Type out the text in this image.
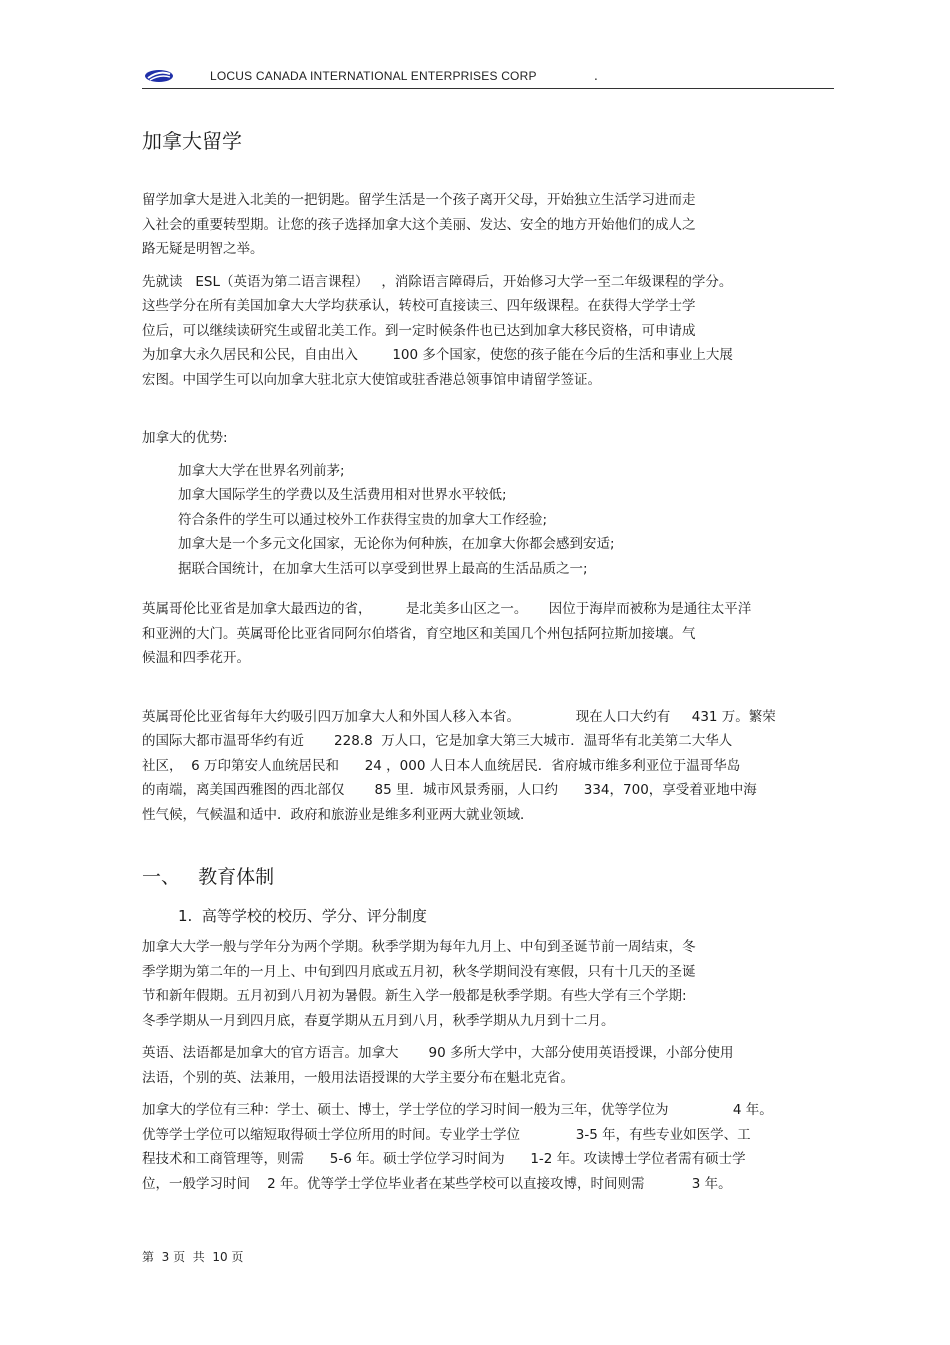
LOCUS CANADA INTERNATIONAL ENTERPRISES CORP	.
加拿大留学

留学加拿大是进入北美的一把钥匙。留学生活是一个孩子离开父母，开始独立生活学习进而走

入社会的重要转型期。让您的孩子选择加拿大这个美丽、发达、安全的地方开始他们的成人之

路无疑是明智之举。

先就读   ESL（英语为第二语言课程）   ，消除语言障碍后，开始修习大学一至二年级课程的学分。

这些学分在所有美国加拿大大学均获承认，转校可直接读三、四年级课程。在获得大学学士学

位后，可以继续读研究生或留北美工作。到一定时候条件也已达到加拿大移民资格，可申请成

为加拿大永久居民和公民，自由出入        100 多个国家，使您的孩子能在今后的生活和事业上大展

宏图。中国学生可以向加拿大驻北京大使馆或驻香港总领事馆申请留学签证。

加拿大的优势:

加拿大大学在世界名列前茅;

加拿大国际学生的学费以及生活费用相对世界水平较低;

符合条件的学生可以通过校外工作获得宝贵的加拿大工作经验;

加拿大是一个多元文化国家，无论你为何种族，在加拿大你都会感到安适;

据联合国统计，在加拿大生活可以享受到世界上最高的生活品质之一;

英属哥伦比亚省是加拿大最西边的省，        是北美多山区之一。     因位于海岸而被称为是通往太平洋

和亚洲的大门。英属哥伦比亚省同阿尔伯塔省，育空地区和美国几个州包括阿拉斯加接壤。气

候温和四季花开。

英属哥伦比亚省每年大约吸引四万加拿大人和外国人移入本省。             现在人口大约有     431 万。繁荣

的国际大都市温哥华约有近       228.8  万人口，它是加拿大第三大城市．温哥华有北美第二大华人

社区，  6 万印第安人血统居民和      24 ，000 人日本人血统居民．省府城市维多利亚位于温哥华岛

的南端，离美国西雅图的西北部仅       85 里．城市风景秀丽，人口约      334，700，享受着亚地中海

性气候，气候温和适中．政府和旅游业是维多利亚两大就业领域．

一、   教育体制
1.  高等学校的校历、学分、评分制度

加拿大大学一般与学年分为两个学期。秋季学期为每年九月上、中旬到圣诞节前一周结束，冬

季学期为第二年的一月上、中旬到四月底或五月初，秋冬学期间没有寒假，只有十几天的圣诞

节和新年假期。五月初到八月初为暑假。新生入学一般都是秋季学期。有些大学有三个学期:

冬季学期从一月到四月底，春夏学期从五月到八月，秋季学期从九月到十二月。

英语、法语都是加拿大的官方语言。加拿大       90 多所大学中，大部分使用英语授课，小部分使用

法语，个别的英、法兼用，一般用法语授课的大学主要分布在魁北克省。

加拿大的学位有三种：学士、硕士、博士，学士学位的学习时间一般为三年，优等学位为               4 年。

优等学士学位可以缩短取得硕士学位所用的时间。专业学士学位             3-5 年，有些专业如医学、工

程技术和工商管理等，则需      5-6 年。硕士学位学习时间为      1-2 年。攻读博士学位者需有硕士学

位，一般学习时间    2 年。优等学士学位毕业者在某些学校可以直接攻博，时间则需           3 年。

第  3 页  共  10 页
